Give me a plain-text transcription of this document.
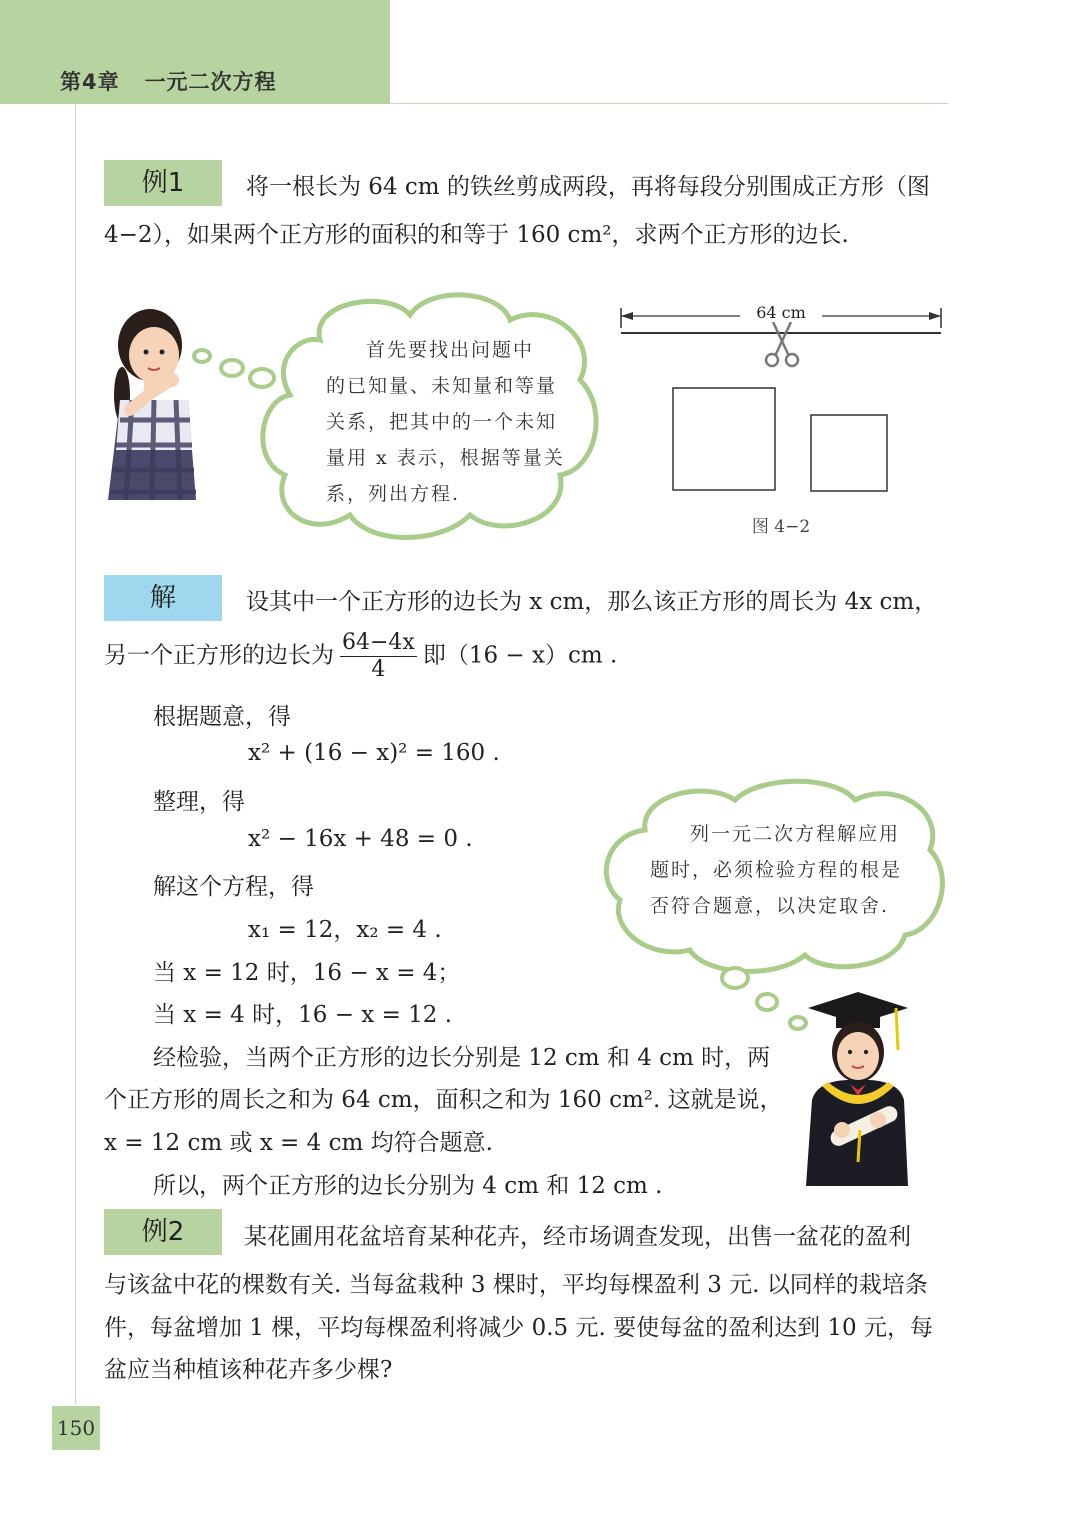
第4章 一元二次方程
例1	将一根长为 64 cm 的铁丝剪成两段，再将每段分别围成正方形（图
4−2），如果两个正方形的面积的和等于 160 cm²，求两个正方形的边长.
首先要找出问题中
的已知量、未知量和等量
关系，把其中的一个未知
量用 x 表示，根据等量关
系，列出方程.
64 cm
图 4−2
解	设其中一个正方形的边长为 x cm，那么该正方形的周长为 4x cm，
另一个正方形的边长为 $\frac{64-4x}{4}$ 即（16 − x）cm .
根据题意，得
x² + (16 − x)² = 160 .
整理，得
x² − 16x + 48 = 0 .
解这个方程，得
x₁ = 12，x₂ = 4 .
当 x = 12 时，16 − x = 4；
当 x = 4 时，16 − x = 12 .
经检验，当两个正方形的边长分别是 12 cm 和 4 cm 时，两
个正方形的周长之和为 64 cm，面积之和为 160 cm². 这就是说，
x = 12 cm 或 x = 4 cm 均符合题意.
所以，两个正方形的边长分别为 4 cm 和 12 cm .
列一元二次方程解应用
题时，必须检验方程的根是
否符合题意，以决定取舍.
例2	某花圃用花盆培育某种花卉，经市场调查发现，出售一盆花的盈利
与该盆中花的棵数有关. 当每盆栽种 3 棵时，平均每棵盈利 3 元. 以同样的栽培条
件，每盆增加 1 棵，平均每棵盈利将减少 0.5 元. 要使每盆的盈利达到 10 元，每
盆应当种植该种花卉多少棵?
150
